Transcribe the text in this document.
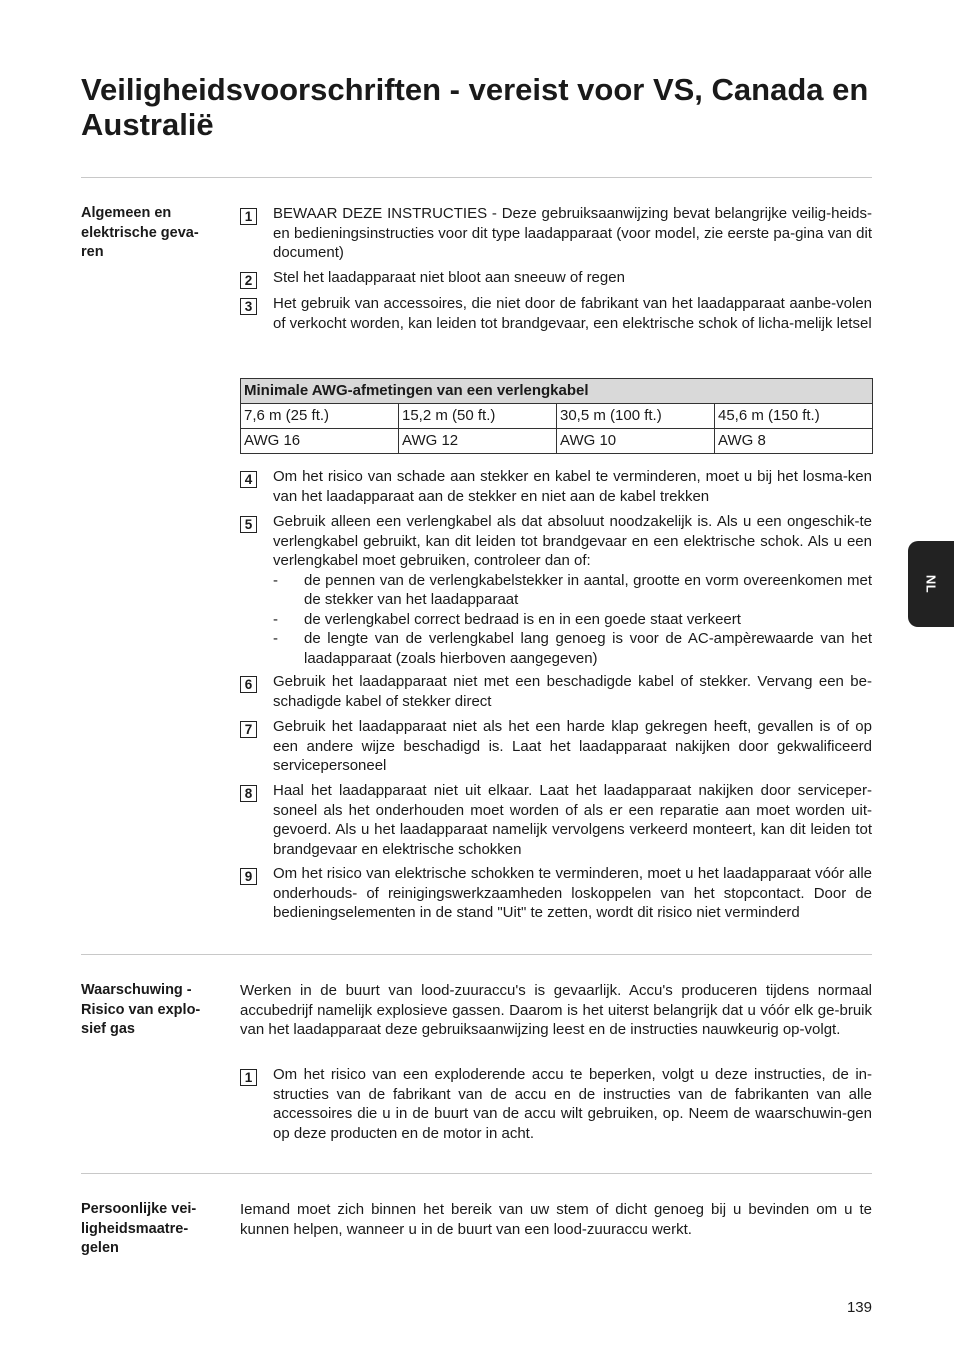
Veiligheidsvoorschriften - vereist voor VS, Canada en Australië
Algemeen en elektrische geva-ren
1	BEWAAR DEZE INSTRUCTIES - Deze gebruiksaanwijzing bevat belangrijke veilig-heids- en bedieningsinstructies voor dit type laadapparaat (voor model, zie eerste pa-gina van dit document)
2	Stel het laadapparaat niet bloot aan sneeuw of regen
3	Het gebruik van accessoires, die niet door de fabrikant van het laadapparaat aanbe-volen of verkocht worden, kan leiden tot brandgevaar, een elektrische schok of licha-melijk letsel
Minimale AWG-afmetingen van een verlengkabel			
7,6 m (25 ft.)	15,2 m (50 ft.)	30,5 m (100 ft.)	45,6 m (150 ft.)
AWG 16	AWG 12	AWG 10	AWG 8
4	Om het risico van schade aan stekker en kabel te verminderen, moet u bij het losma-ken van het laadapparaat aan de stekker en niet aan de kabel trekken
5	Gebruik alleen een verlengkabel als dat absoluut noodzakelijk is. Als u een ongeschik-te verlengkabel gebruikt, kan dit leiden tot brandgevaar en een elektrische schok. Als u een verlengkabel moet gebruiken, controleer dan of:
- de pennen van de verlengkabelstekker in aantal, grootte en vorm overeenkomen met de stekker van het laadapparaat
- de verlengkabel correct bedraad is en in een goede staat verkeert
- de lengte van de verlengkabel lang genoeg is voor de AC-ampèrewaarde van het laadapparaat (zoals hierboven aangegeven)
6	Gebruik het laadapparaat niet met een beschadigde kabel of stekker. Vervang een be-schadigde kabel of stekker direct
7	Gebruik het laadapparaat niet als het een harde klap gekregen heeft, gevallen is of op een andere wijze beschadigd is. Laat het laadapparaat nakijken door gekwalificeerd servicepersoneel
8	Haal het laadapparaat niet uit elkaar. Laat het laadapparaat nakijken door serviceper-soneel als het onderhouden moet worden of als er een reparatie aan moet worden uit-gevoerd. Als u het laadapparaat namelijk vervolgens verkeerd monteert, kan dit leiden tot brandgevaar en elektrische schokken
9	Om het risico van elektrische schokken te verminderen, moet u het laadapparaat vóór alle onderhouds- of reinigingswerkzaamheden loskoppelen van het stopcontact. Door de bedieningselementen in de stand "Uit" te zetten, wordt dit risico niet verminderd
Waarschuwing - Risico van explo-sief gas
Werken in de buurt van lood-zuuraccu's is gevaarlijk. Accu's produceren tijdens normaal accubedrijf namelijk explosieve gassen. Daarom is het uiterst belangrijk dat u vóór elk ge-bruik van het laadapparaat deze gebruiksaanwijzing leest en de instructies nauwkeurig op-volgt.
1	Om het risico van een exploderende accu te beperken, volgt u deze instructies, de in-structies van de fabrikant van de accu en de instructies van de fabrikanten van alle accessoires die u in de buurt van de accu wilt gebruiken, op. Neem de waarschuwin-gen op deze producten en de motor in acht.
Persoonlijke vei-ligheidsmaatre-gelen
Iemand moet zich binnen het bereik van uw stem of dicht genoeg bij u bevinden om u te kunnen helpen, wanneer u in de buurt van een lood-zuuraccu werkt.
NL
139
